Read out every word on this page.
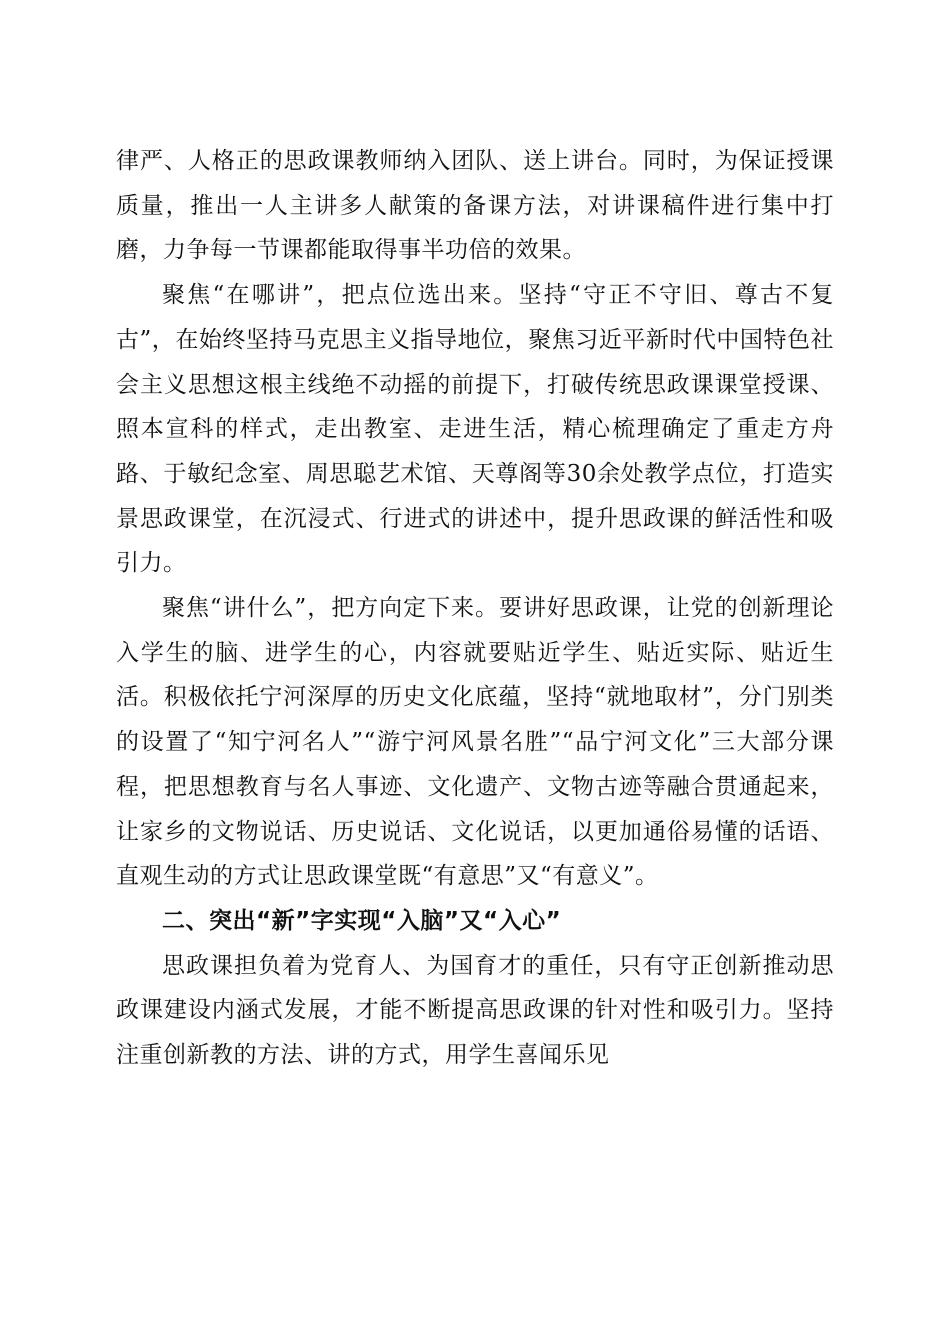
律严、人格正的思政课教师纳入团队、送上讲台。同时，为保证授课质量，推出一人主讲多人献策的备课方法，对讲课稿件进行集中打磨，力争每一节课都能取得事半功倍的效果。

聚焦“在哪讲”，把点位选出来。坚持“守正不守旧、尊古不复古”，在始终坚持马克思主义指导地位，聚焦习近平新时代中国特色社会主义思想这根主线绝不动摇的前提下，打破传统思政课课堂授课、照本宣科的样式，走出教室、走进生活，精心梳理确定了重走方舟路、于敏纪念室、周思聪艺术馆、天尊阁等30余处教学点位，打造实景思政课堂，在沉浸式、行进式的讲述中，提升思政课的鲜活性和吸引力。

聚焦“讲什么”，把方向定下来。要讲好思政课，让党的创新理论入学生的脑、进学生的心，内容就要贴近学生、贴近实际、贴近生活。积极依托宁河深厚的历史文化底蕴，坚持“就地取材”，分门别类的设置了“知宁河名人”“游宁河风景名胜”“品宁河文化”三大部分课程，把思想教育与名人事迹、文化遗产、文物古迹等融合贯通起来，让家乡的文物说话、历史说话、文化说话，以更加通俗易懂的话语、直观生动的方式让思政课堂既“有意思”又“有意义”。

二、突出“新”字实现“入脑”又“入心”

思政课担负着为党育人、为国育才的重任，只有守正创新推动思政课建设内涵式发展，才能不断提高思政课的针对性和吸引力。坚持注重创新教的方法、讲的方式，用学生喜闻乐见
